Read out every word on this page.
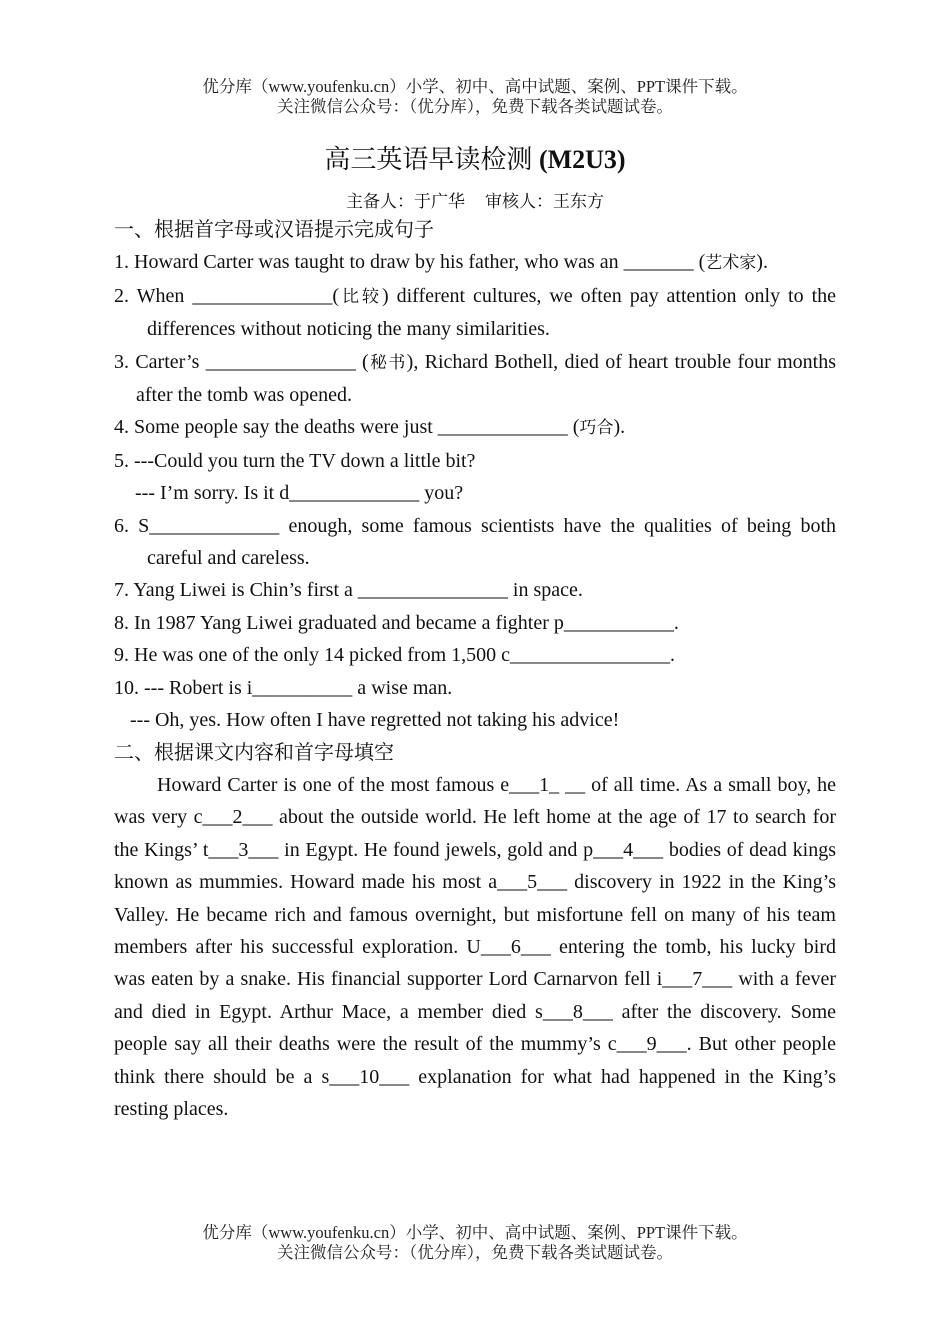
优分库（www.youfenku.cn）小学、初中、高中试题、案例、PPT课件下载。
关注微信公众号：（优分库），免费下载各类试题试卷。
高三英语早读检测 (M2U3)
主备人：于广华 审核人：王东方
一、根据首字母或汉语提示完成句子
1. Howard Carter was taught to draw by his father, who was an _______ (艺术家).
2. When ______________(比较) different cultures, we often pay attention only to the differences without noticing the many similarities.
3. Carter’s _______________ (秘书), Richard Bothell, died of heart trouble four months after the tomb was opened.
4. Some people say the deaths were just _____________ (巧合).
5. ---Could you turn the TV down a little bit?
--- I’m sorry. Is it d_____________ you?
6. S_____________ enough, some famous scientists have the qualities of being both careful and careless.
7. Yang Liwei is Chin’s first a _______________ in space.
8. In 1987 Yang Liwei graduated and became a fighter p___________.
9. He was one of the only 14 picked from 1,500 c________________.
10. --- Robert is i__________ a wise man.
--- Oh, yes. How often I have regretted not taking his advice!
二、根据课文内容和首字母填空
Howard Carter is one of the most famous e___1_ __ of all time. As a small boy, he was very c___2___ about the outside world. He left home at the age of 17 to search for the Kings’ t___3___ in Egypt. He found jewels, gold and p___4___ bodies of dead kings known as mummies. Howard made his most a___5___ discovery in 1922 in the King’s Valley. He became rich and famous overnight, but misfortune fell on many of his team members after his successful exploration. U___6___ entering the tomb, his lucky bird was eaten by a snake. His financial supporter Lord Carnarvon fell i___7___ with a fever and died in Egypt. Arthur Mace, a member died s___8___ after the discovery. Some people say all their deaths were the result of the mummy’s c___9___. But other people think there should be a s___10___ explanation for what had happened in the King’s resting places.
优分库（www.youfenku.cn）小学、初中、高中试题、案例、PPT课件下载。
关注微信公众号：（优分库），免费下载各类试题试卷。
